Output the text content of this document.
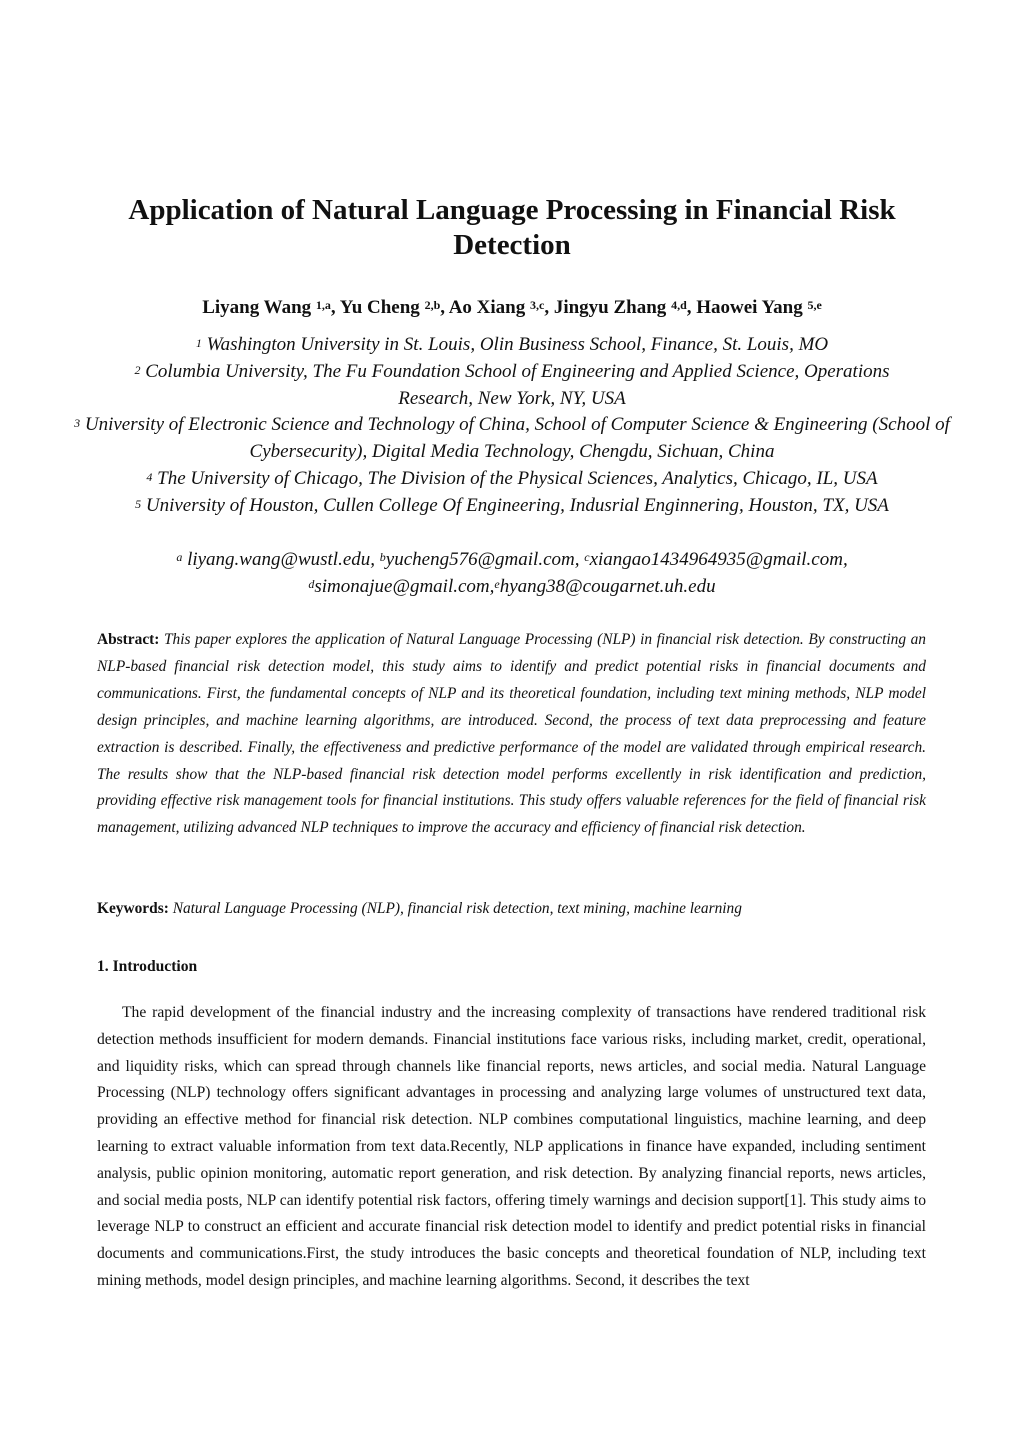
Application of Natural Language Processing in Financial Risk Detection
Liyang Wang $^{1,a}$, Yu Cheng $^{2,b}$, Ao Xiang $^{3,c}$, Jingyu Zhang $^{4,d}$, Haowei Yang $^{5,e}$
$^1$ Washington University in St. Louis, Olin Business School, Finance, St. Louis, MO
$^2$ Columbia University, The Fu Foundation School of Engineering and Applied Science, Operations Research, New York, NY, USA
$^3$ University of Electronic Science and Technology of China, School of Computer Science & Engineering (School of Cybersecurity), Digital Media Technology, Chengdu, Sichuan, China
$^4$ The University of Chicago, The Division of the Physical Sciences, Analytics, Chicago, IL, USA
$^5$ University of Houston, Cullen College Of Engineering, Indusrial Enginnering, Houston, TX, USA
$^a$ liyang.wang@wustl.edu, $^b$yucheng576@gmail.com, $^c$xiangao1434964935@gmail.com,
$^d$simonajue@gmail.com,$^e$hyang38@cougarnet.uh.edu
Abstract: This paper explores the application of Natural Language Processing (NLP) in financial risk detection. By constructing an NLP-based financial risk detection model, this study aims to identify and predict potential risks in financial documents and communications. First, the fundamental concepts of NLP and its theoretical foundation, including text mining methods, NLP model design principles, and machine learning algorithms, are introduced. Second, the process of text data preprocessing and feature extraction is described. Finally, the effectiveness and predictive performance of the model are validated through empirical research. The results show that the NLP-based financial risk detection model performs excellently in risk identification and prediction, providing effective risk management tools for financial institutions. This study offers valuable references for the field of financial risk management, utilizing advanced NLP techniques to improve the accuracy and efficiency of financial risk detection.
Keywords: Natural Language Processing (NLP), financial risk detection, text mining, machine learning
1. Introduction
The rapid development of the financial industry and the increasing complexity of transactions have rendered traditional risk detection methods insufficient for modern demands. Financial institutions face various risks, including market, credit, operational, and liquidity risks, which can spread through channels like financial reports, news articles, and social media. Natural Language Processing (NLP) technology offers significant advantages in processing and analyzing large volumes of unstructured text data, providing an effective method for financial risk detection. NLP combines computational linguistics, machine learning, and deep learning to extract valuable information from text data.Recently, NLP applications in finance have expanded, including sentiment analysis, public opinion monitoring, automatic report generation, and risk detection. By analyzing financial reports, news articles, and social media posts, NLP can identify potential risk factors, offering timely warnings and decision support[1]. This study aims to leverage NLP to construct an efficient and accurate financial risk detection model to identify and predict potential risks in financial documents and communications.First, the study introduces the basic concepts and theoretical foundation of NLP, including text mining methods, model design principles, and machine learning algorithms. Second, it describes the text
